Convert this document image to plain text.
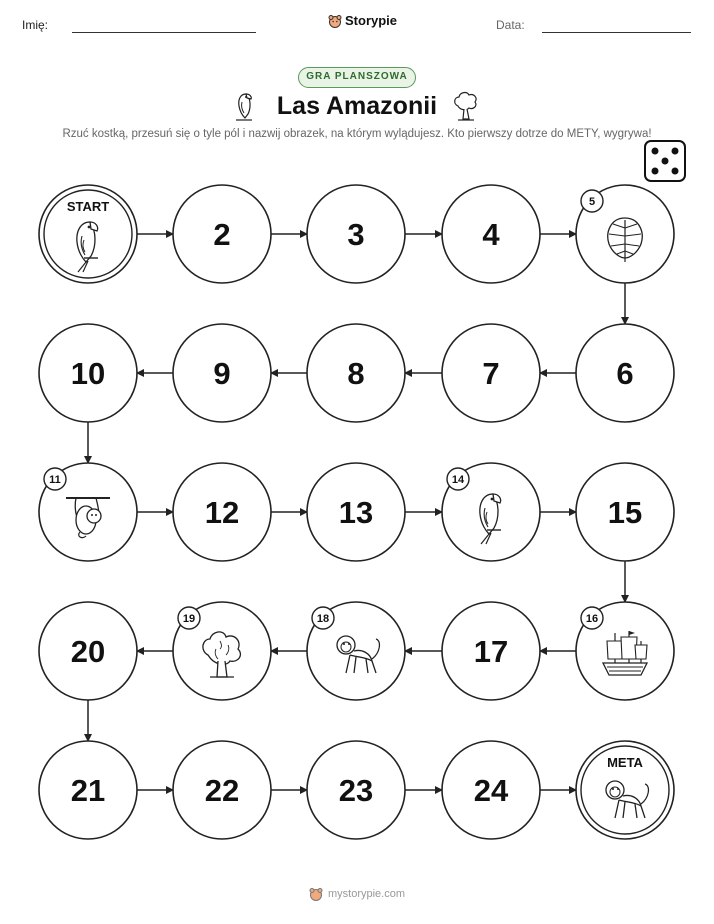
Imię:	Storypie	Data:
GRA PLANSZOWA
Las Amazonii
Rzuć kostką, przesuń się o tyle pól i nazwij obrazek, na którym wylądujesz. Kto pierwszy dotrze do METY, wygrywa!
START
2	3	4
5
6
7
8
9
10
11
12	13
14
15
16
17
18
19
20
21	22	23	24
META
mystorypie.com
